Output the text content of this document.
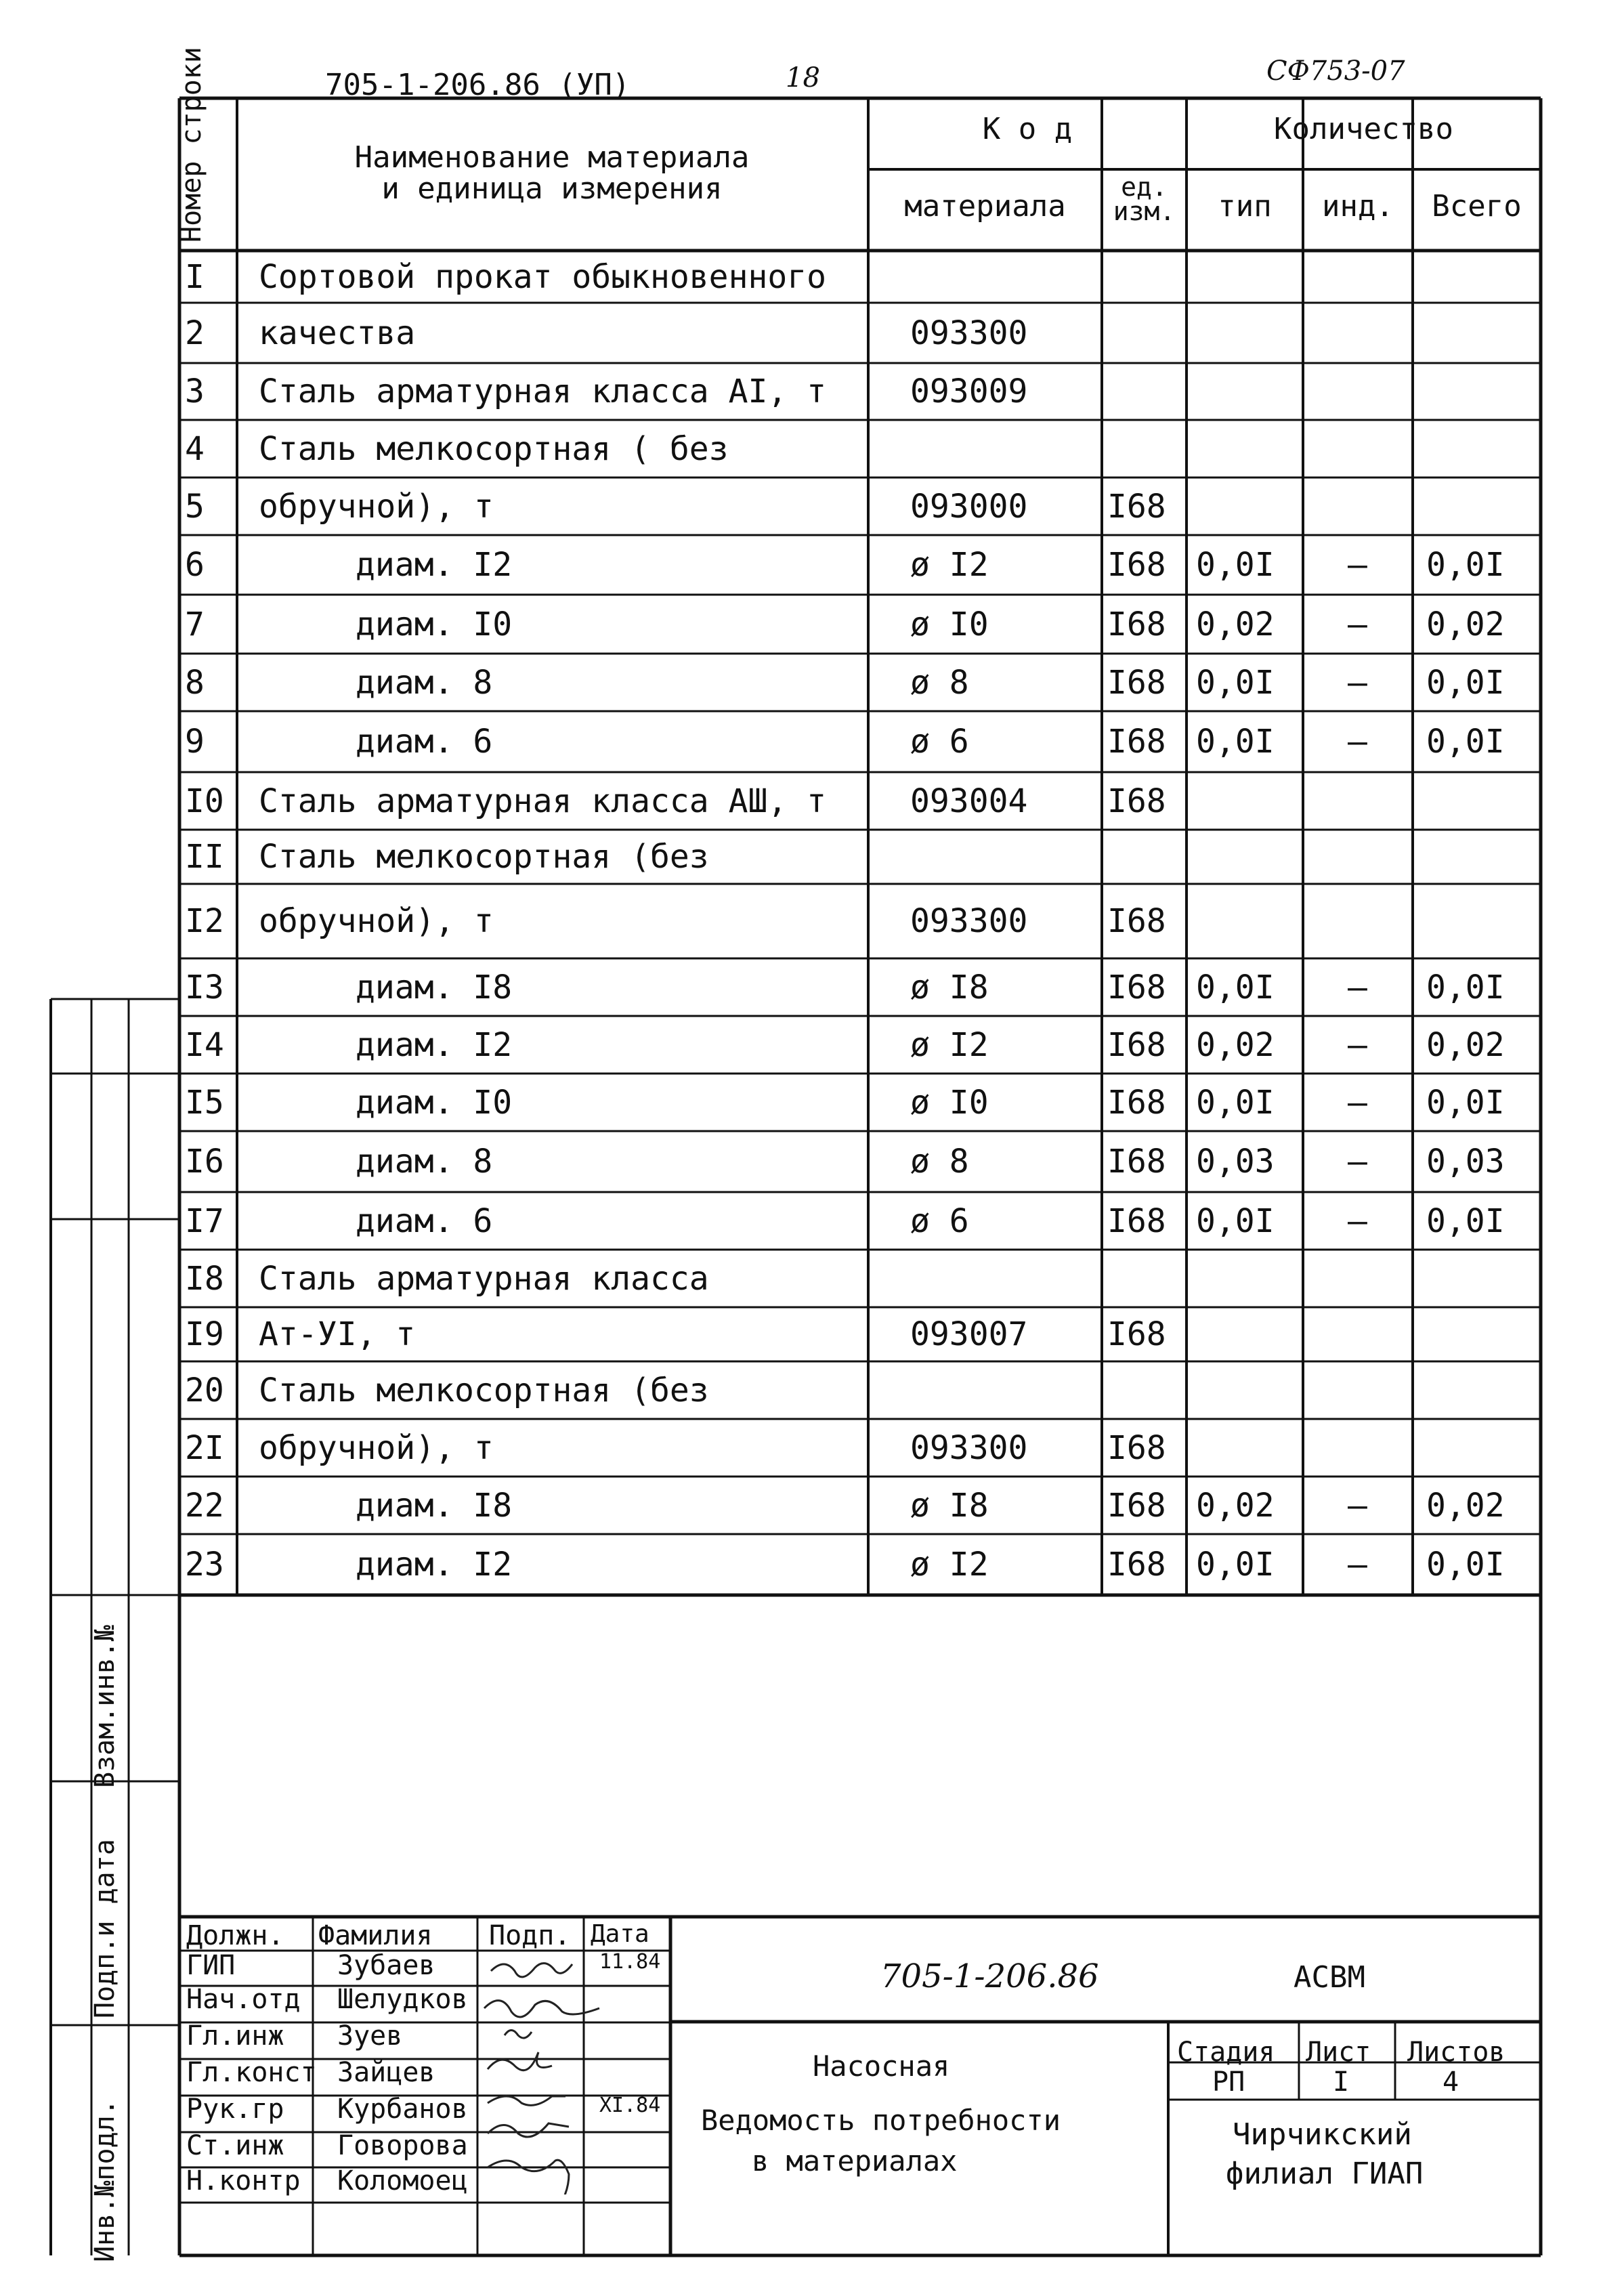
705-1-206.86 (УП)	18	СФ753-07
Номер строки	Наименование материала
и единица измерения
К о д
материала
ед. изм.
Количество
тип	инд.	Всего
I Сортовой прокат обыкновенного
2 качества	093300
3 Сталь арматурная класса АI, т	093009
4 Сталь мелкосортная ( без
5 обручной), т	093000 I68
6	диам. I2	ø I2	I68 0,0I – 0,0I
7	диам. I0	ø I0	I68 0,02 – 0,02
8	диам. 8	ø 8	I68 0,0I – 0,0I
9	диам. 6	ø 6	I68 0,0I – 0,0I
I0 Сталь арматурная класса АШ, т	093004 I68
II Сталь мелкосортная (без
I2 обручной), т	093300 I68
I3	диам. I8	ø I8	I68 0,0I – 0,0I
I4	диам. I2	ø I2	I68 0,02 – 0,02
I5	диам. I0	ø I0	I68 0,0I – 0,0I
I6	диам. 8	ø 8	I68 0,03 – 0,03
I7	диам. 6	ø 6	I68 0,0I – 0,0I
I8 Сталь арматурная класса
I9 Ат-УI, т	093007 I68
20 Сталь мелкосортная (без
2I обручной), т	093300 I68
22	диам. I8	ø I8	I68 0,02 – 0,02
23	диам. I2	ø I2	I68 0,0I – 0,0I
Инв.№подл.
Подп.и дата
Взам.инв.№
Должн. Фамилия Подп. Дата
ГИП	Зубаев	11.84
Нач.отд Шелудков
Гл.инж Зуев
Гл.конст Зайцев
Рук.гр Курбанов	XI.84
Ст.инж Говорова
Н.контр Коломоец
705-1-206.86	АСВМ
Насосная
Ведомость потребности
в материалах
Стадия Лист Листов
РП	I	4
Чирчикский
филиал ГИАП
